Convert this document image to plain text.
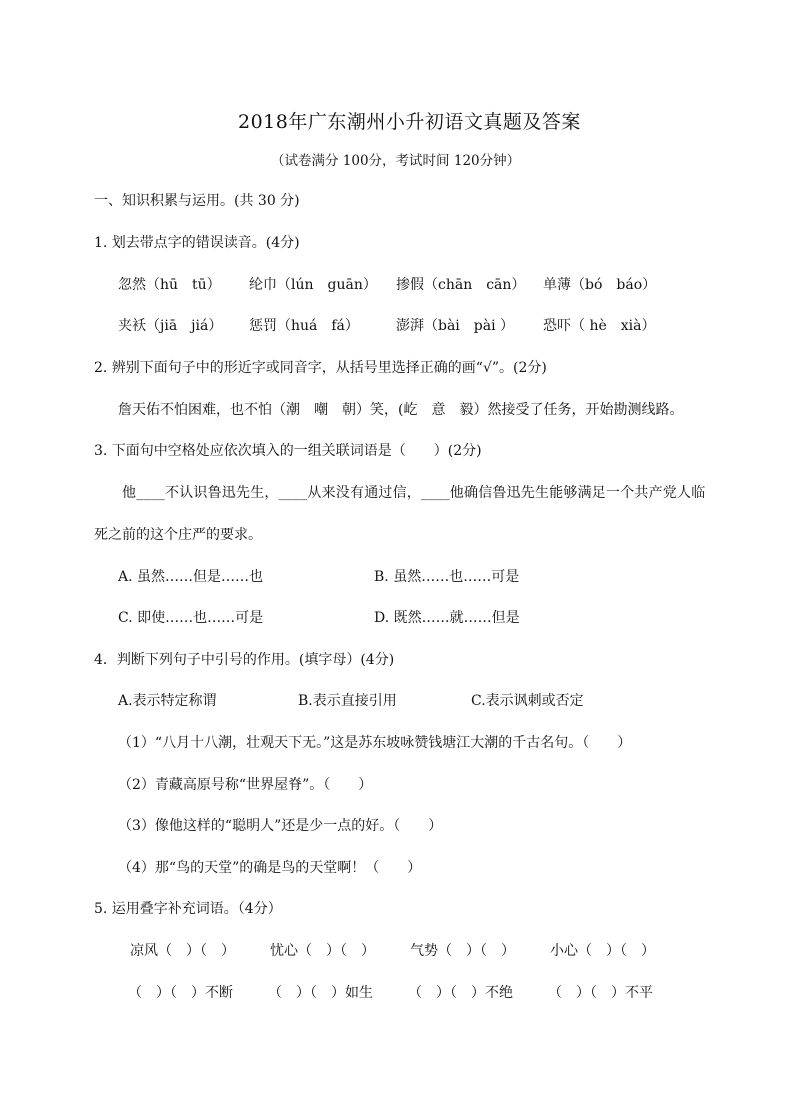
2018年广东潮州小升初语文真题及答案
（试卷满分 100分，考试时间 120分钟）
一、知识积累与运用。(共 30 分)
1. 划去带点字的错误读音。(4分)
忽然（hū　tū） 纶巾（lún　guān） 掺假（chān　cān） 单薄（bó　báo）
夹袄（jiā　jiá） 惩罚（huá　fá）	澎湃（bài　pài ） 恐吓（ hè　xià）
2. 辨别下面句子中的形近字或同音字，从括号里选择正确的画“√”。(2分)
詹天佑不怕困难，也不怕（潮　嘲　朝）笑，(屹　意　毅）然接受了任务，开始勘测线路。
3. 下面句中空格处应依次填入的一组关联词语是（　　）(2分)
他____不认识鲁迅先生，____从来没有通过信，____他确信鲁迅先生能够满足一个共产党人临
死之前的这个庄严的要求。
A. 虽然……但是……也	B. 虽然……也……可是
C. 即使……也……可是	D. 既然……就……但是
4．判断下列句子中引号的作用。(填字母）(4分)
A.表示特定称谓	B.表示直接引用	C.表示讽刺或否定
（1）“八月十八潮，壮观天下无。”这是苏东坡咏赞钱塘江大潮的千古名句。（　　）
（2）青藏高原号称“世界屋脊”。（　　）
（3）像他这样的“聪明人”还是少一点的好。（　　）
（4）那“鸟的天堂”的确是鸟的天堂啊！（　　）
5. 运用叠字补充词语。（4分）
凉风（　）（　）	忧心（　）（　）	气势（　）（　）	小心（　）（　）
（　）（　）不断	（　）（　）如生	（　）（　）不绝	（　）（　）不平
